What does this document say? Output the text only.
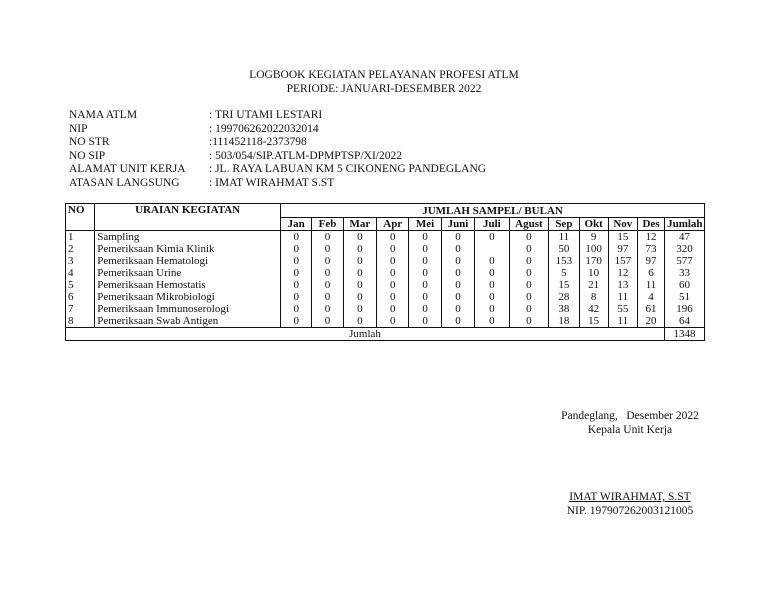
LOGBOOK KEGIATAN PELAYANAN PROFESI ATLM
PERIODE: JANUARI-DESEMBER 2022
NAMA ATLM	: TRI UTAMI LESTARI
NIP	: 199706262022032014
NO STR	:111452118-2373798
NO SIP	: 503/054/SIP.ATLM-DPMPTSP/XI/2022
ALAMAT UNIT KERJA : JL. RAYA LABUAN KM 5 CIKONENG PANDEGLANG
ATASAN LANGSUNG	: IMAT WIRAHMAT S.ST
NO	URAIAN KEGIATAN	JUMLAH SAMPEL/ BULAN												
		Jan	Feb	Mar	Apr	Mei	Juni	Juli	Agust	Sep	Okt	Nov	Des	Jumlah
1	Sampling	0	0	0	0	0	0	0	0	11	9	15	12	47
2	Pemeriksaan Kimia Klinik	0	0	0	0	0	0		0	50	100	97	73	320
3	Pemeriksaan Hematologi	0	0	0	0	0	0	0	0	153	170	157	97	577
4	Pemeriksaan Urine	0	0	0	0	0	0	0	0	5	10	12	6	33
5	Pemeriksaan Hemostatis	0	0	0	0	0	0	0	0	15	21	13	11	60
6	Pemeriksaan Mikrobiologi	0	0	0	0	0	0	0	0	28	8	11	4	51
7	Pemeriksaan Immunoserologi	0	0	0	0	0	0	0	0	38	42	55	61	196
8	Pemeriksaan Swab Antigen	0	0	0	0	0	0	0	0	18	15	11	20	64
Jumlah														1348
Pandeglang,   Desember 2022
Kepala Unit Kerja
IMAT WIRAHMAT, S.ST
NIP. 197907262003121005
